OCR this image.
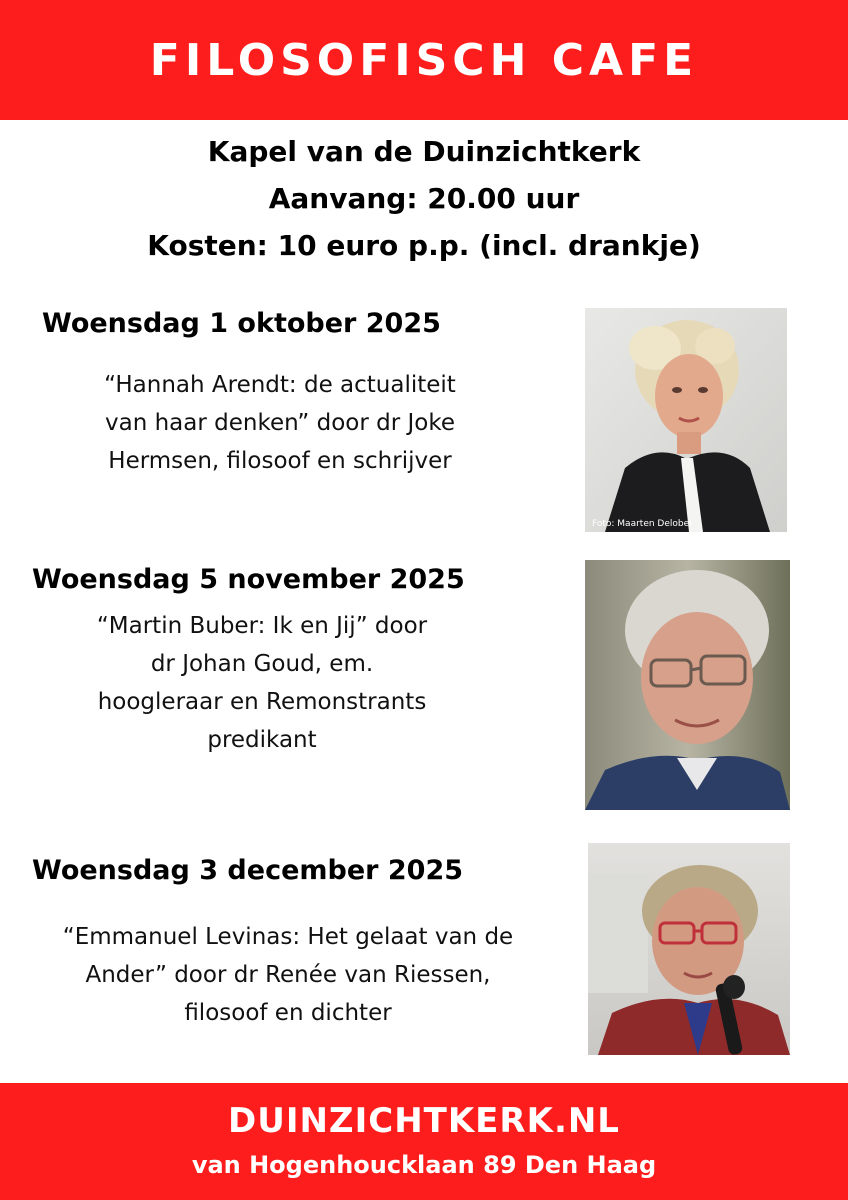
FILOSOFISCH CAFE
Kapel van de Duinzichtkerk
Aanvang: 20.00 uur
Kosten: 10 euro p.p. (incl. drankje)
Woensdag 1 oktober 2025
“Hannah Arendt: de actualiteit
van haar denken” door dr Joke
Hermsen, filosoof en schrijver
Foto: Maarten Delobel
Woensdag 5 november 2025
“Martin Buber: Ik en Jij” door
dr Johan Goud, em.
hoogleraar en Remonstrants
predikant
Woensdag 3 december 2025
“Emmanuel Levinas: Het gelaat van de
Ander” door dr Renée van Riessen,
filosoof en dichter
DUINZICHTKERK.NL
van Hogenhoucklaan 89 Den Haag
